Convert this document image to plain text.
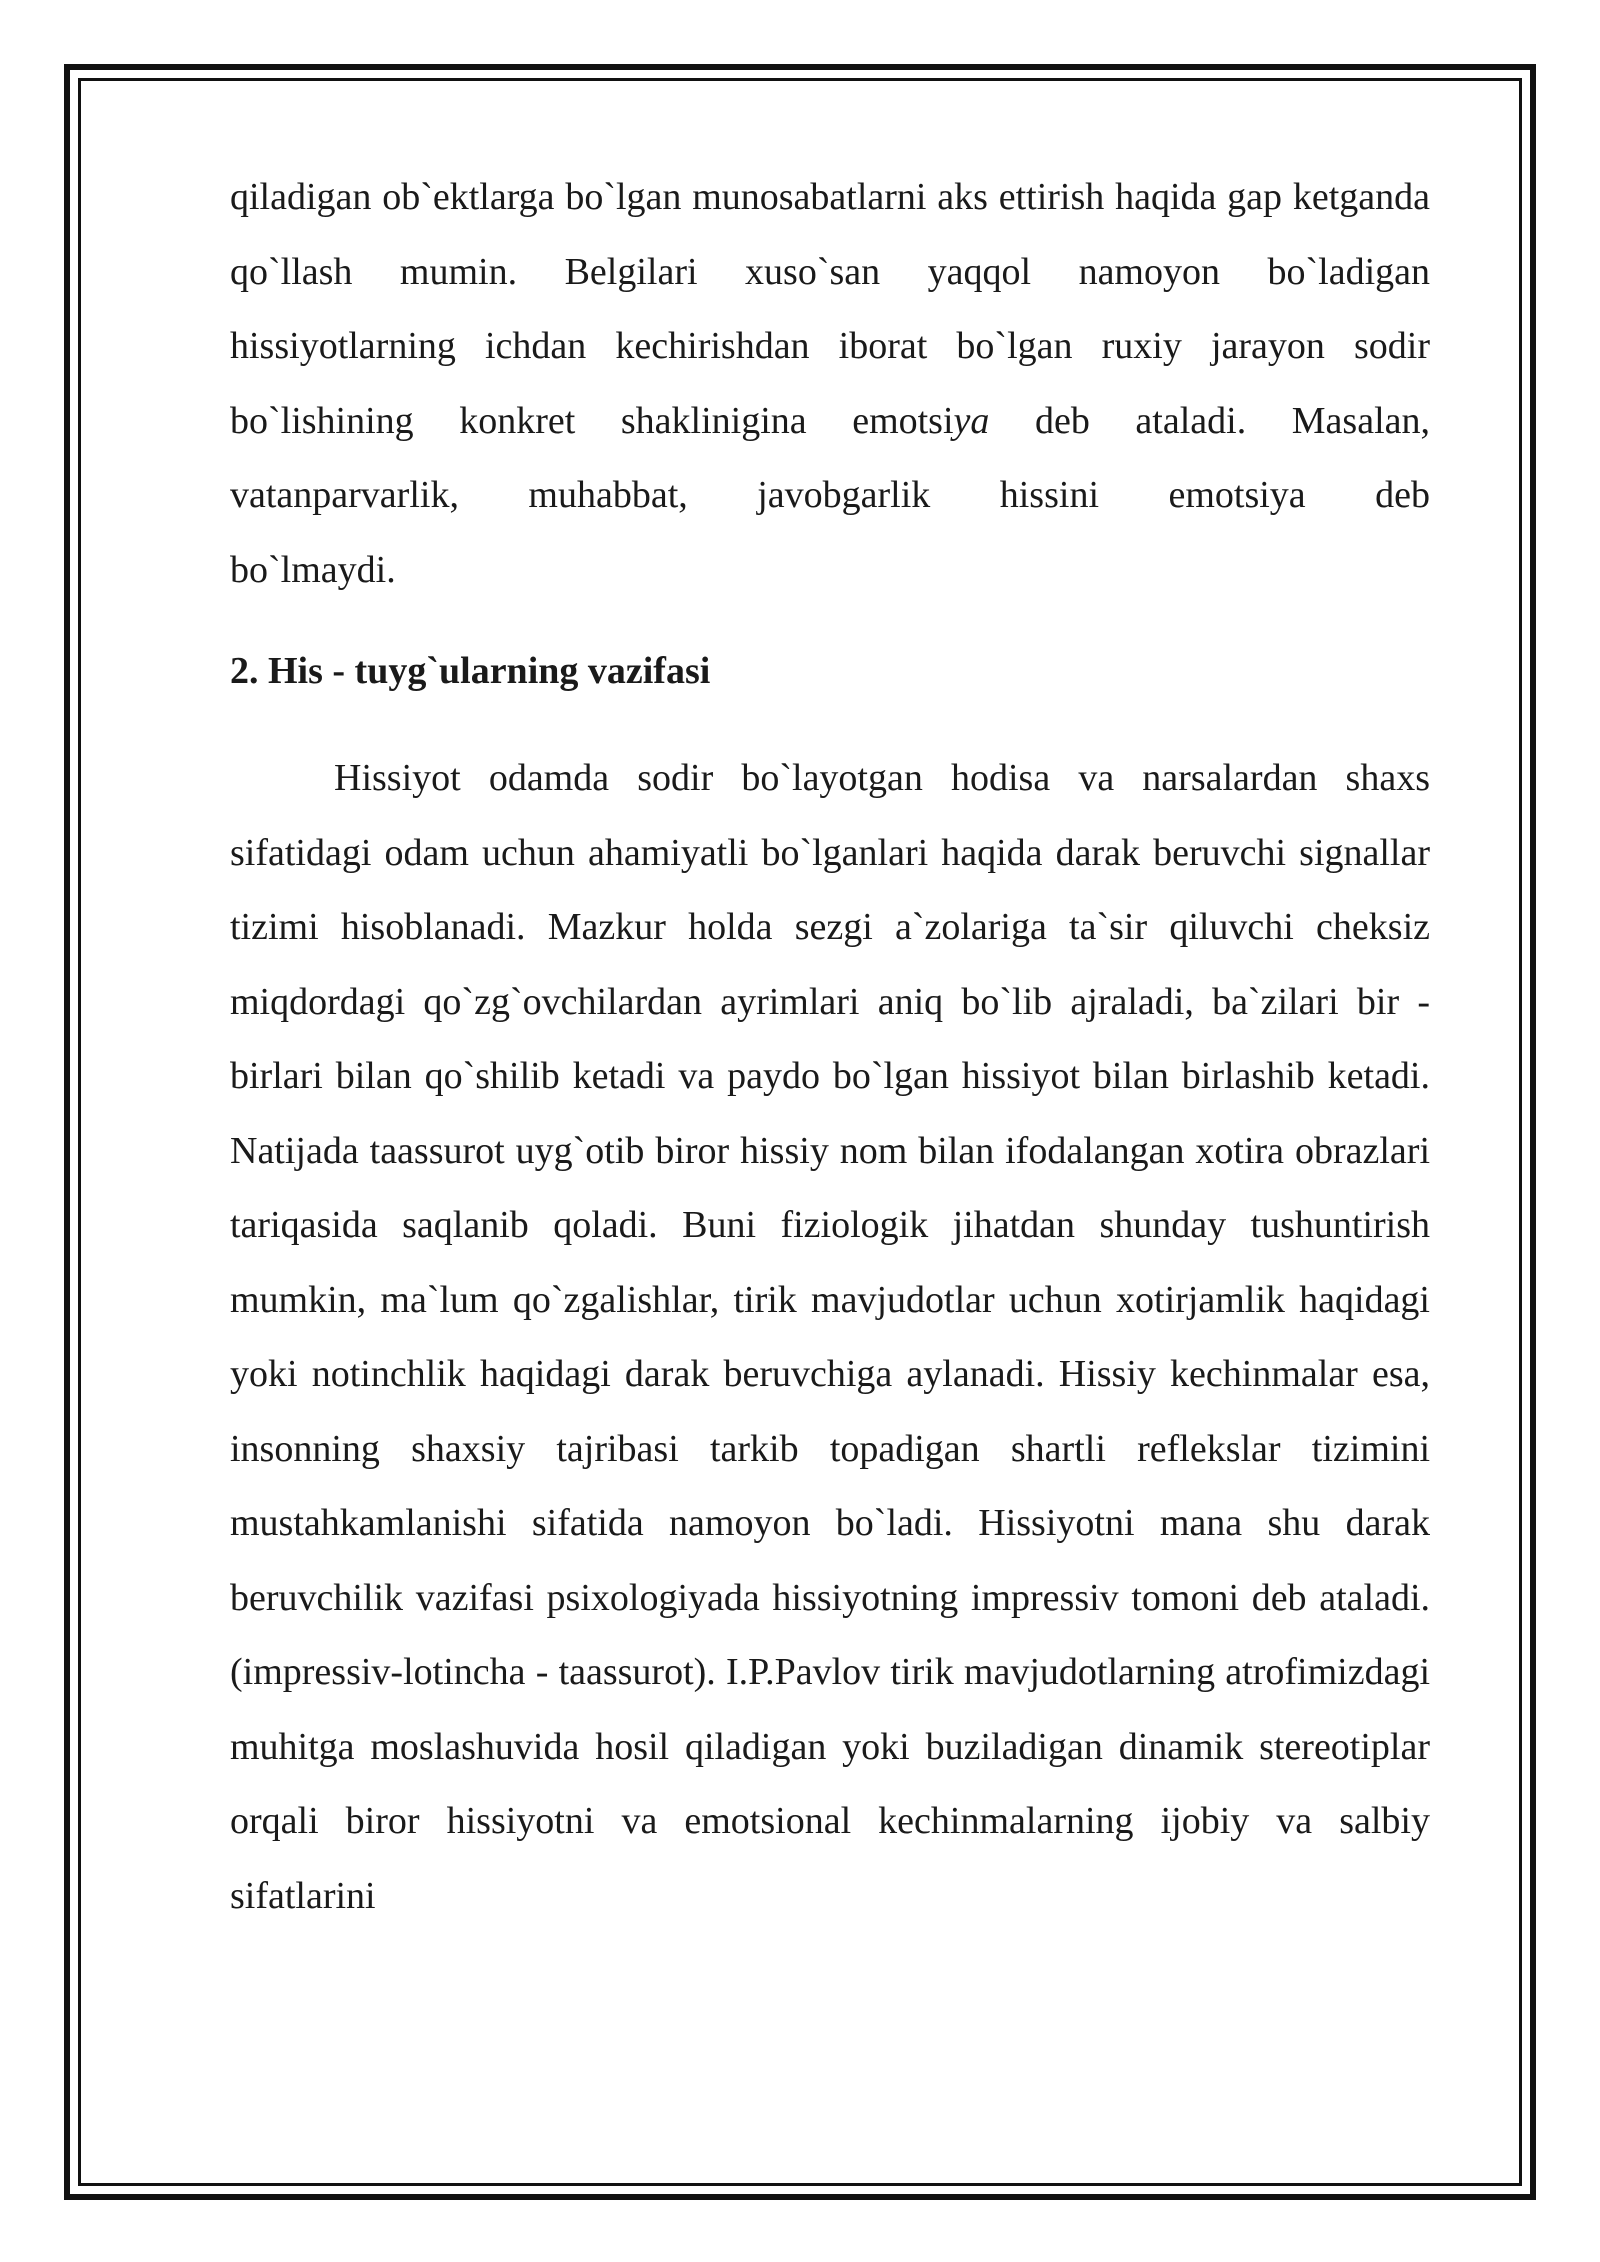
qiladigan ob`ektlarga bo`lgan munosabatlarni aks ettirish haqida gap ketganda qo`llash mumin. Belgilari xuso`san yaqqol namoyon bo`ladigan hissiyotlarning ichdan kechirishdan iborat bo`lgan ruxiy jarayon sodir bo`lishining konkret shaklinigina emotsiya deb ataladi. Masalan, vatanparvarlik, muhabbat, javobgarlik hissini emotsiya deb
bo`lmaydi.

2. His - tuyg`ularning vazifasi

Hissiyot odamda sodir bo`layotgan hodisa va narsalardan shaxs sifatidagi odam uchun ahamiyatli bo`lganlari haqida darak beruvchi signallar tizimi hisoblanadi. Mazkur holda sezgi a`zolariga ta`sir qiluvchi cheksiz miqdordagi qo`zg`ovchilardan ayrimlari aniq bo`lib ajraladi, ba`zilari bir -birlari bilan qo`shilib ketadi va paydo bo`lgan hissiyot bilan birlashib ketadi. Natijada taassurot uyg`otib biror hissiy nom bilan ifodalangan xotira obrazlari tariqasida saqlanib qoladi. Buni fiziologik jihatdan shunday tushuntirish mumkin, ma`lum qo`zgalishlar, tirik mavjudotlar uchun xotirjamlik haqidagi yoki notinchlik haqidagi darak beruvchiga aylanadi. Hissiy kechinmalar esa, insonning shaxsiy tajribasi tarkib topadigan shartli reflekslar tizimini mustahkamlanishi sifatida namoyon bo`ladi. Hissiyotni mana shu darak beruvchilik vazifasi psixologiyada hissiyotning impressiv tomoni deb ataladi. (impressiv-lotincha - taassurot). I.P.Pavlov tirik mavjudotlarning atrofimizdagi muhitga moslashuvida hosil qiladigan yoki buziladigan dinamik stereotiplar orqali biror hissiyotni va emotsional kechinmalarning ijobiy va salbiy sifatlarini
